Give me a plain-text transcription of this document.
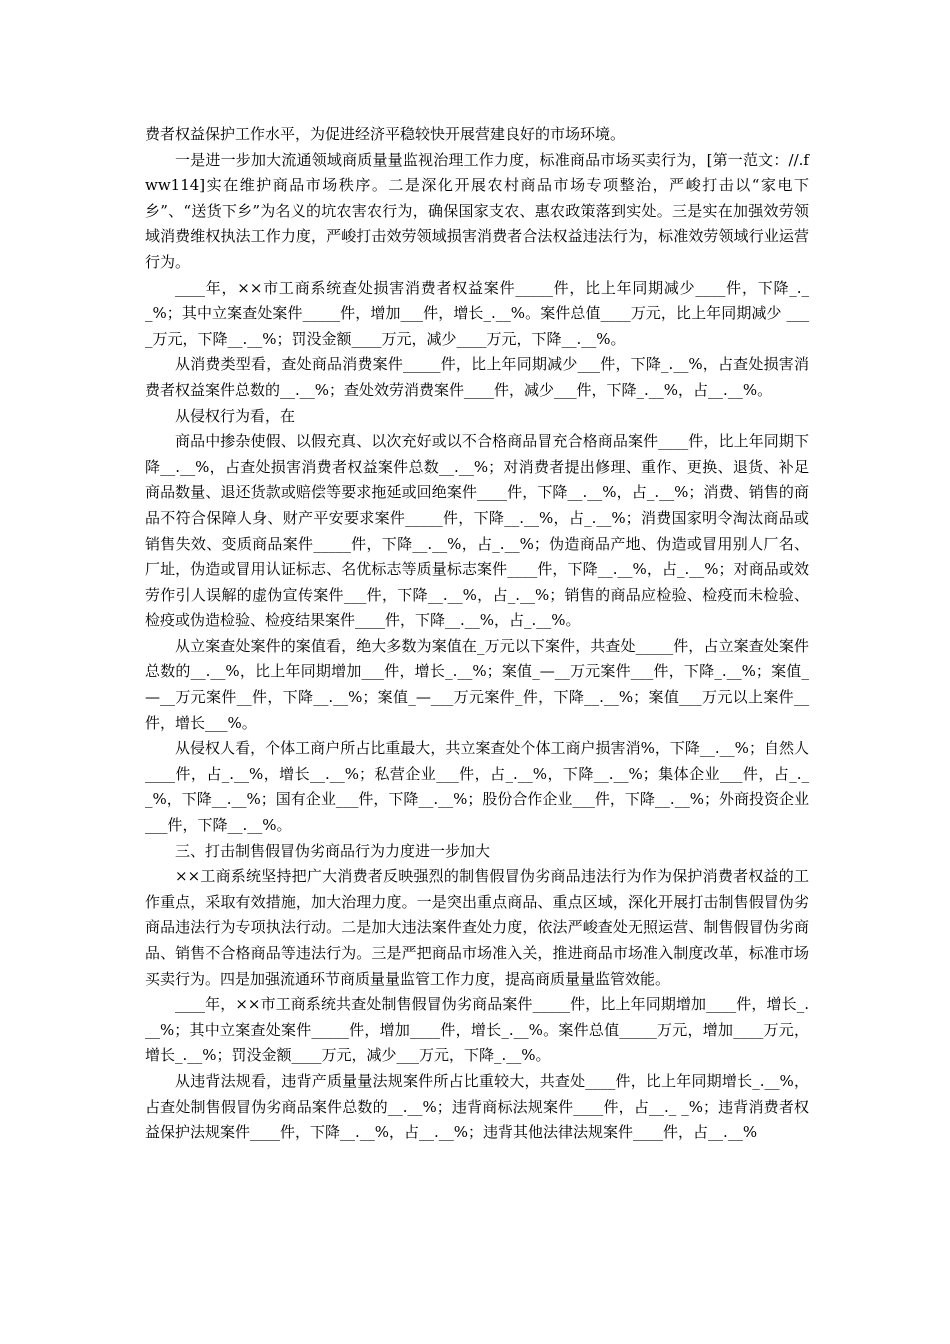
费者权益保护工作水平，为促进经济平稳较快开展营建良好的市场环境。

一是进一步加大流通领域商质量量监视治理工作力度，标准商品市场买卖行为，[第一范文：//.fww114]实在维护商品市场秩序。二是深化开展农村商品市场专项整治，严峻打击以“家电下乡”、“送货下乡”为名义的坑农害农行为，确保国家支农、惠农政策落到实处。三是实在加强效劳领域消费维权执法工作力度，严峻打击效劳领域损害消费者合法权益违法行为，标准效劳领域行业运营行为。

____年，××市工商系统查处损害消费者权益案件_____件，比上年同期减少____件，下降_.__%；其中立案查处案件_____件，增加___件，增长_.__%。案件总值____万元，比上年同期减少 ____万元，下降__.__%；罚没金额____万元，减少____万元，下降__.__%。

从消费类型看，查处商品消费案件_____件，比上年同期减少___件，下降_.__%，占查处损害消费者权益案件总数的__.__%；查处效劳消费案件____件，减少___件，下降_.__%，占__.__%。

从侵权行为看，在

商品中掺杂使假、以假充真、以次充好或以不合格商品冒充合格商品案件____件，比上年同期下降__.__%，占查处损害消费者权益案件总数__.__%；对消费者提出修理、重作、更换、退货、补足商品数量、退还货款或赔偿等要求拖延或回绝案件____件，下降__.__%，占_.__%；消费、销售的商品不符合保障人身、财产平安要求案件_____件，下降__.__%，占_.__%；消费国家明令淘汰商品或销售失效、变质商品案件_____件，下降__.__%，占_.__%；伪造商品产地、伪造或冒用别人厂名、厂址，伪造或冒用认证标志、名优标志等质量标志案件____件，下降__.__%，占_.__%；对商品或效劳作引人误解的虚伪宣传案件___件，下降__.__%，占_.__%；销售的商品应检验、检疫而未检验、检疫或伪造检验、检疫结果案件____件，下降__.__%，占_.__%。

从立案查处案件的案值看，绝大多数为案值在_万元以下案件，共查处_____件，占立案查处案件总数的__.__%，比上年同期增加___件，增长_.__%；案值_—__万元案件___件，下降_.__%；案值_—__万元案件__件，下降__.__%；案值_—___万元案件_件，下降__.__%；案值___万元以上案件__件，增长___%。

从侵权人看，个体工商户所占比重最大，共立案查处个体工商户损害消%，下降__.__%；自然人____件，占_.__%，增长__.__%；私营企业___件，占_.__%，下降__.__%；集体企业___件，占_.__%，下降__.__%；国有企业___件，下降__.__%；股份合作企业___件，下降__.__%；外商投资企业___件，下降__.__%。

三、打击制售假冒伪劣商品行为力度进一步加大

××工商系统坚持把广大消费者反映强烈的制售假冒伪劣商品违法行为作为保护消费者权益的工作重点，采取有效措施，加大治理力度。一是突出重点商品、重点区域，深化开展打击制售假冒伪劣商品违法行为专项执法行动。二是加大违法案件查处力度，依法严峻查处无照运营、制售假冒伪劣商品、销售不合格商品等违法行为。三是严把商品市场准入关，推进商品市场准入制度改革，标准市场买卖行为。四是加强流通环节商质量量监管工作力度，提高商质量量监管效能。

____年，××市工商系统共查处制售假冒伪劣商品案件_____件，比上年同期增加____件，增长_.__%；其中立案查处案件_____件，增加____件，增长_.__%。案件总值_____万元，增加____万元，增长_.__%；罚没金额____万元，减少___万元，下降_.__%。

从违背法规看，违背产质量量法规案件所占比重较大，共查处____件，比上年同期增长_.__%，占查处制售假冒伪劣商品案件总数的__.__%；违背商标法规案件____件，占__._ _%；违背消费者权益保护法规案件____件，下降__.__%，占__.__%；违背其他法律法规案件____件，占__.__%
